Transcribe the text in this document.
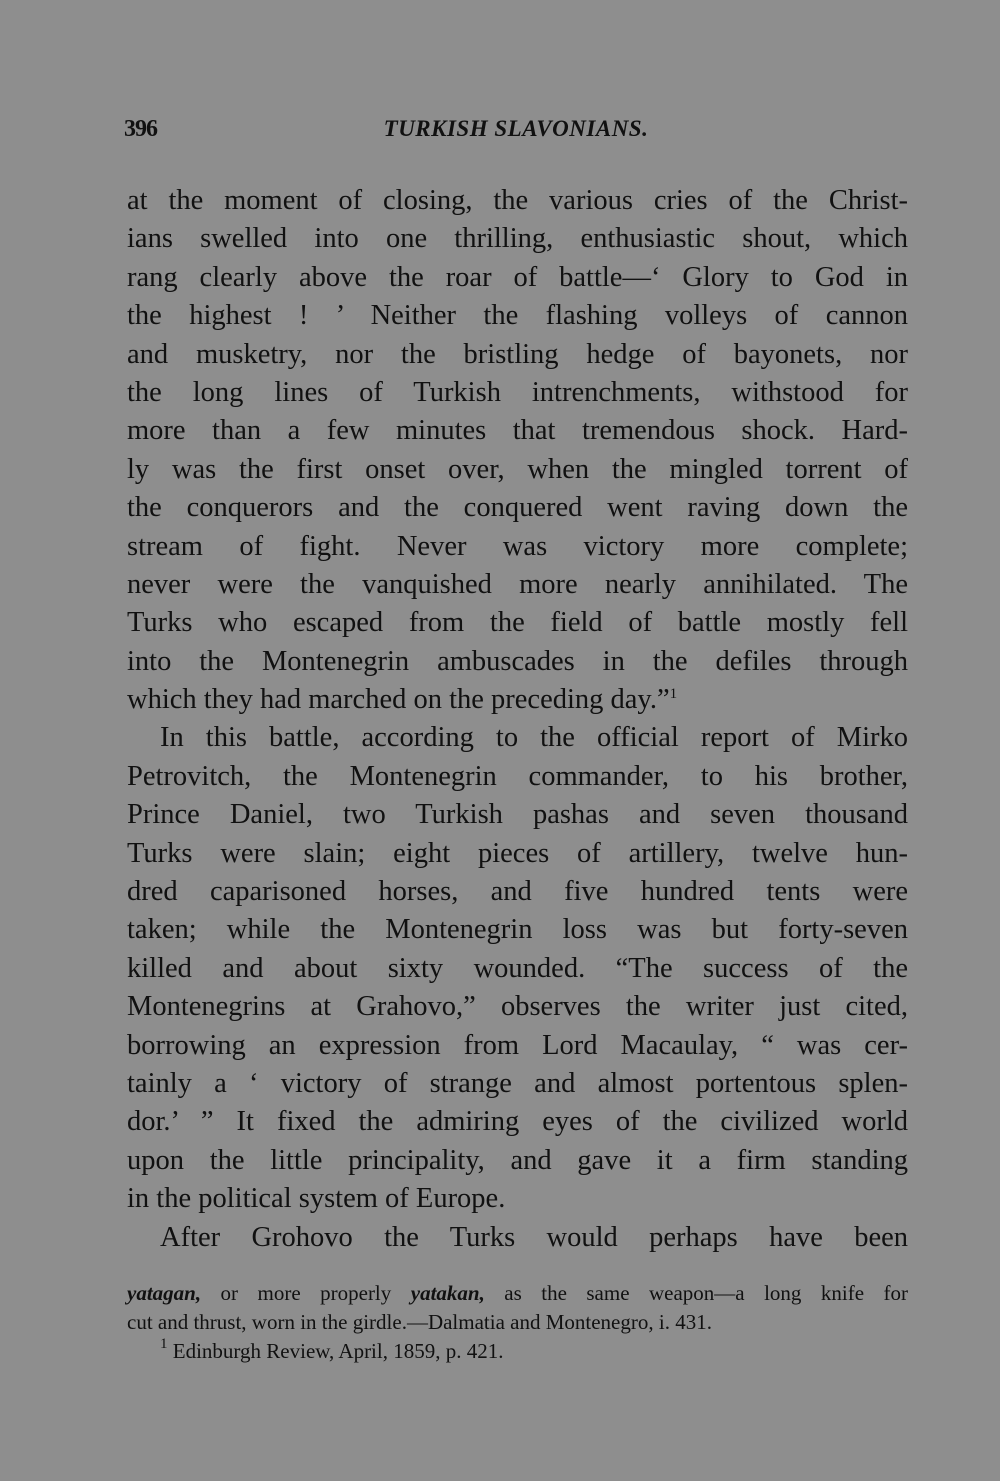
396	TURKISH SLAVONIANS.
at the moment of closing, the various cries of the Christ-
ians swelled into one thrilling, enthusiastic shout, which
rang clearly above the roar of battle—‘ Glory to God in
the highest ! ’ Neither the flashing volleys of cannon
and musketry, nor the bristling hedge of bayonets, nor
the long lines of Turkish intrenchments, withstood for
more than a few minutes that tremendous shock. Hard-
ly was the first onset over, when the mingled torrent of
the conquerors and the conquered went raving down the
stream of fight. Never was victory more complete;
never were the vanquished more nearly annihilated. The
Turks who escaped from the field of battle mostly fell
into the Montenegrin ambuscades in the defiles through
which they had marched on the preceding day.”$^1$
In this battle, according to the official report of Mirko
Petrovitch, the Montenegrin commander, to his brother,
Prince Daniel, two Turkish pashas and seven thousand
Turks were slain; eight pieces of artillery, twelve hun-
dred caparisoned horses, and five hundred tents were
taken; while the Montenegrin loss was but forty-seven
killed and about sixty wounded. “The success of the
Montenegrins at Grahovo,” observes the writer just cited,
borrowing an expression from Lord Macaulay, “ was cer-
tainly a ‘ victory of strange and almost portentous splen-
dor.’ ” It fixed the admiring eyes of the civilized world
upon the little principality, and gave it a firm standing
in the political system of Europe.
After Grohovo the Turks would perhaps have been
yatagan, or more properly yatakan, as the same weapon—a long knife for
cut and thrust, worn in the girdle.—Dalmatia and Montenegro, i. 431.
$^1$ Edinburgh Review, April, 1859, p. 421.
